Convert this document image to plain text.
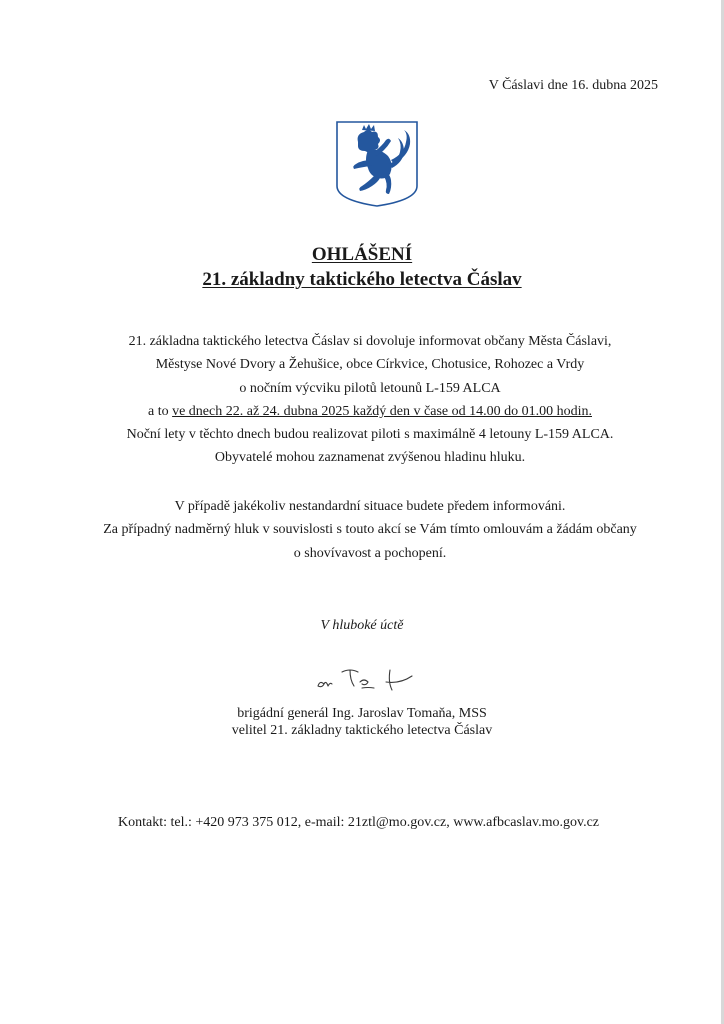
V Čáslavi dne 16. dubna 2025
OHLÁŠENÍ
21. základny taktického letectva Čáslav
21. základna taktického letectva Čáslav si dovoluje informovat občany Města Čáslavi,
Městyse Nové Dvory a Žehušice, obce Církvice, Chotusice, Rohozec a Vrdy
o nočním výcviku pilotů letounů L-159 ALCA
a to ve dnech 22. až 24. dubna 2025 každý den v čase od 14.00 do 01.00 hodin.
Noční lety v těchto dnech budou realizovat piloti s maximálně 4 letouny L-159 ALCA.
Obyvatelé mohou zaznamenat zvýšenou hladinu hluku.
V případě jakékoliv nestandardní situace budete předem informováni.
Za případný nadměrný hluk v souvislosti s touto akcí se Vám tímto omlouvám a žádám občany
o shovívavost a pochopení.
V hluboké úctě
brigádní generál Ing. Jaroslav Tomaňa, MSS
velitel 21. základny taktického letectva Čáslav
Kontakt: tel.: +420 973 375 012, e-mail: 21ztl@mo.gov.cz, www.afbcaslav.mo.gov.cz
